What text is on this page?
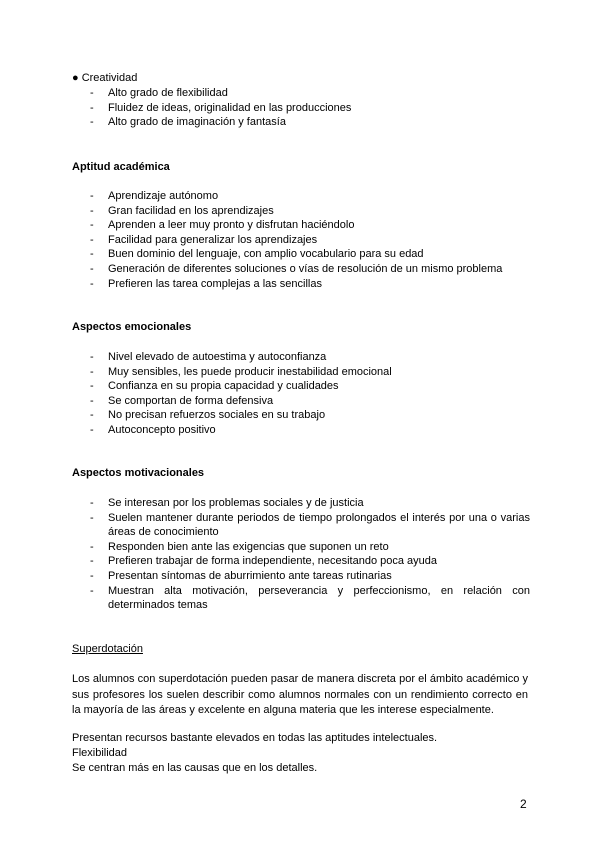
● Creatividad
- Alto grado de flexibilidad
- Fluidez de ideas, originalidad en las producciones
- Alto grado de imaginación y fantasía
Aptitud académica
- Aprendizaje autónomo
- Gran facilidad en los aprendizajes
- Aprenden a leer muy pronto y disfrutan haciéndolo
- Facilidad para generalizar los aprendizajes
- Buen dominio del lenguaje, con amplio vocabulario para su edad
- Generación de diferentes soluciones o vías de resolución de un mismo problema
- Prefieren las tarea complejas a las sencillas
Aspectos emocionales
- Nivel elevado de autoestima y autoconfianza
- Muy sensibles, les puede producir inestabilidad emocional
- Confianza en su propia capacidad y cualidades
- Se comportan de forma defensiva
- No precisan refuerzos sociales en su trabajo
- Autoconcepto positivo
Aspectos motivacionales
- Se interesan por los problemas sociales y de justicia
- Suelen mantener durante periodos de tiempo prolongados el interés por una o varias áreas de conocimiento
- Responden bien ante las exigencias que suponen un reto
- Prefieren trabajar de forma independiente, necesitando poca ayuda
- Presentan síntomas de aburrimiento ante tareas rutinarias
- Muestran alta motivación, perseverancia y perfeccionismo, en relación con determinados temas
Superdotación
Los alumnos con superdotación pueden pasar de manera discreta por el ámbito académico y sus profesores los suelen describir como alumnos normales con un rendimiento correcto en la mayoría de las áreas y excelente en alguna materia que les interese especialmente.
Presentan recursos bastante elevados en todas las aptitudes intelectuales.
Flexibilidad
Se centran más en las causas que en los detalles.
2
